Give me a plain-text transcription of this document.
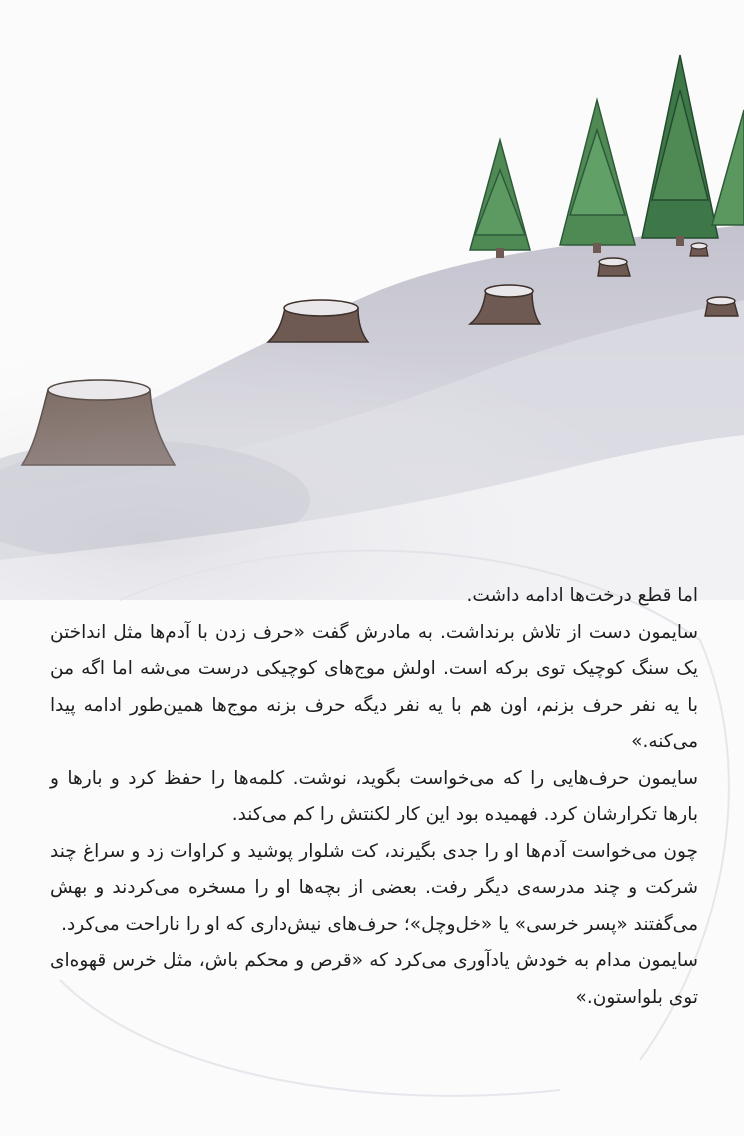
اما قطع درخت‌ها ادامه داشت.

سایمون دست از تلاش برنداشت. به مادرش گفت «حرف زدن با آدم‌ها مثل انداختن یک سنگ کوچیک توی برکه است. اولش موج‌های کوچیکی درست می‌شه اما اگه من با یه نفر حرف بزنم، اون هم با یه نفر دیگه حرف بزنه موج‌ها همین‌طور ادامه پیدا می‌کنه.»

سایمون حرف‌هایی را که می‌خواست بگوید، نوشت. کلمه‌ها را حفظ کرد و بارها و بارها تکرارشان کرد. فهمیده بود این کار لکنتش را کم می‌کند.

چون می‌خواست آدم‌ها او را جدی بگیرند، کت شلوار پوشید و کراوات زد و سراغ چند شرکت و چند مدرسه‌ی دیگر رفت. بعضی از بچه‌ها او را مسخره می‌کردند و بهش می‌گفتند «پسر خرسی» یا «خل‌وچل»؛ حرف‌های نیش‌داری که او را ناراحت می‌کرد.

سایمون مدام به خودش یادآوری می‌کرد که «قرص و محکم باش، مثل خرس قهوه‌ای توی بلواستون.»
